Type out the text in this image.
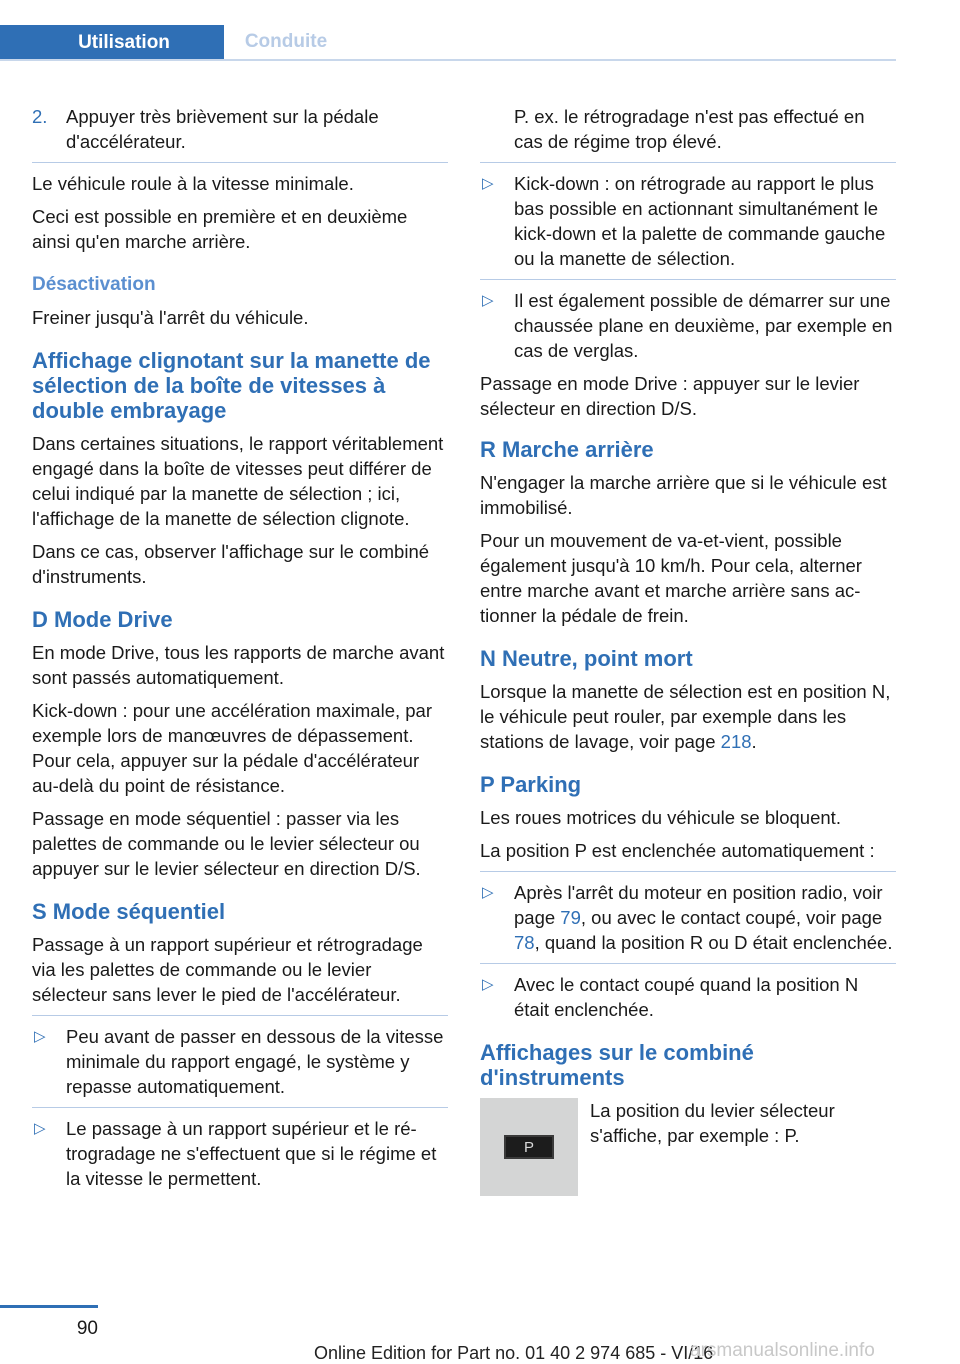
Utilisation	Conduite
2. Appuyer très brièvement sur la pédale d'accélérateur.

Le véhicule roule à la vitesse minimale.

Ceci est possible en première et en deuxième ainsi qu'en marche arrière.

Désactivation

Freiner jusqu'à l'arrêt du véhicule.

Affichage clignotant sur la manette de sélection de la boîte de vitesses à double embrayage

Dans certaines situations, le rapport véritablement engagé dans la boîte de vitesses peut différer de celui indiqué par la manette de sélection ; ici, l'affichage de la manette de sélection clignote.

Dans ce cas, observer l'affichage sur le combiné d'instruments.

D Mode Drive

En mode Drive, tous les rapports de marche avant sont passés automatiquement.

Kick-down : pour une accélération maximale, par exemple lors de manœuvres de dépassement. Pour cela, appuyer sur la pédale d'accélérateur au-delà du point de résistance.

Passage en mode séquentiel : passer via les palettes de commande ou le levier sélecteur ou appuyer sur le levier sélecteur en direction D/S.

S Mode séquentiel

Passage à un rapport supérieur et rétrogradage via les palettes de commande ou le levier sélecteur sans lever le pied de l'accélérateur.

▷ Peu avant de passer en dessous de la vitesse minimale du rapport engagé, le système y repasse automatiquement.
▷ Le passage à un rapport supérieur et le rétrogradage ne s'effectuent que si le régime et la vitesse le permettent.
P. ex. le rétrogradage n'est pas effectué en cas de régime trop élevé.
▷ Kick-down : on rétrograde au rapport le plus bas possible en actionnant simultanément le kick-down et la palette de commande gauche ou la manette de sélection.
▷ Il est également possible de démarrer sur une chaussée plane en deuxième, par exemple en cas de verglas.

Passage en mode Drive : appuyer sur le levier sélecteur en direction D/S.

R Marche arrière

N'engager la marche arrière que si le véhicule est immobilisé.

Pour un mouvement de va-et-vient, possible également jusqu'à 10 km/h. Pour cela, alterner entre marche avant et marche arrière sans actionner la pédale de frein.

N Neutre, point mort

Lorsque la manette de sélection est en position N, le véhicule peut rouler, par exemple dans les stations de lavage, voir page 218.

P Parking

Les roues motrices du véhicule se bloquent.

La position P est enclenchée automatiquement :

▷ Après l'arrêt du moteur en position radio, voir page 79, ou avec le contact coupé, voir page 78, quand la position R ou D était enclenchée.
▷ Avec le contact coupé quand la position N était enclenchée.
Affichages sur le combiné d'instruments
P
La position du levier sélecteur s'affiche, par exemple : P.
90
Online Edition for Part no. 01 40 2 974 685 - VI/16
arsmanualsonline.info
